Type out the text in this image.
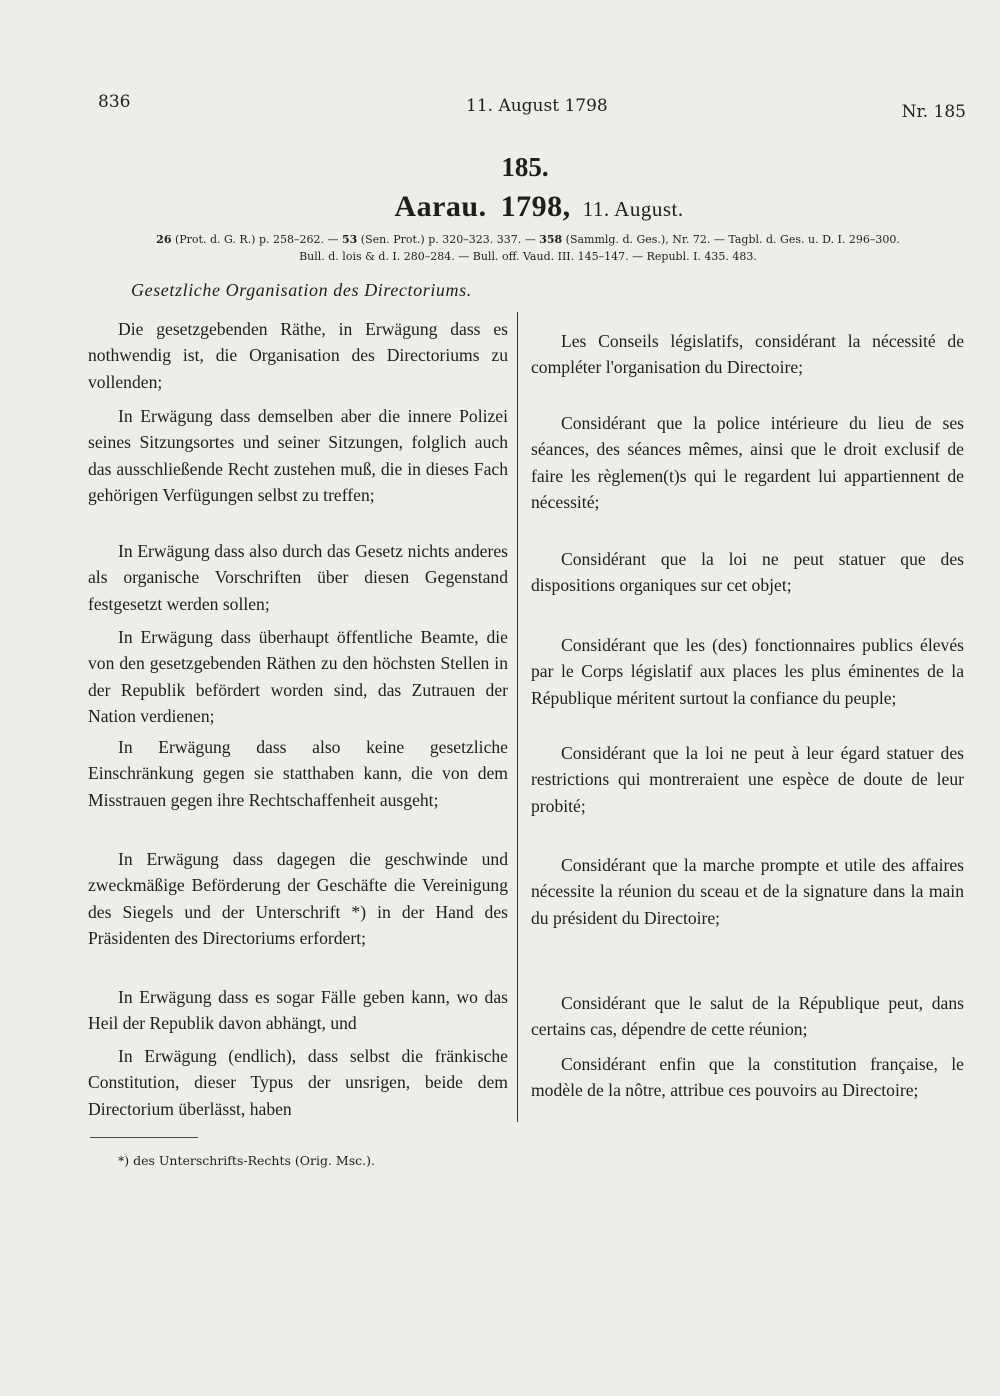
836	11. August 1798	Nr. 185
185.
Aarau. 1798, 11. August.
26 (Prot. d. G. R.) p. 258–262. — 53 (Sen. Prot.) p. 320–323. 337. — 358 (Sammlg. d. Ges.), Nr. 72. — Tagbl. d. Ges. u. D. I. 296–300.
Bull. d. lois & d. I. 280–284. — Bull. off. Vaud. III. 145–147. — Republ. I. 435. 483.
Gesetzliche Organisation des Directoriums.

Die gesetzgebenden Räthe, in Erwägung dass es nothwendig ist, die Organisation des Directoriums zu vollenden;

In Erwägung dass demselben aber die innere Polizei seines Sitzungsortes und seiner Sitzungen, folglich auch das ausschließende Recht zustehen muß, die in dieses Fach gehörigen Verfügungen selbst zu treffen;

In Erwägung dass also durch das Gesetz nichts anderes als organische Vorschriften über diesen Gegenstand festgesetzt werden sollen;

In Erwägung dass überhaupt öffentliche Beamte, die von den gesetzgebenden Räthen zu den höchsten Stellen in der Republik befördert worden sind, das Zutrauen der Nation verdienen;

In Erwägung dass also keine gesetzliche Einschränkung gegen sie statthaben kann, die von dem Misstrauen gegen ihre Rechtschaffenheit ausgeht;

In Erwägung dass dagegen die geschwinde und zweckmäßige Beförderung der Geschäfte die Vereinigung des Siegels und der Unterschrift *) in der Hand des Präsidenten des Directoriums erfordert;

In Erwägung dass es sogar Fälle geben kann, wo das Heil der Republik davon abhängt, und

In Erwägung (endlich), dass selbst die fränkische Constitution, dieser Typus der unsrigen, beide dem Directorium überlässt, haben

Les Conseils législatifs, considérant la nécessité de compléter l'organisation du Directoire;

Considérant que la police intérieure du lieu de ses séances, des séances mêmes, ainsi que le droit exclusif de faire les règlemen(t)s qui le regardent lui appartiennent de nécessité;

Considérant que la loi ne peut statuer que des dispositions organiques sur cet objet;

Considérant que les (des) fonctionnaires publics élevés par le Corps législatif aux places les plus éminentes de la République méritent surtout la confiance du peuple;

Considérant que la loi ne peut à leur égard statuer des restrictions qui montreraient une espèce de doute de leur probité;

Considérant que la marche prompte et utile des affaires nécessite la réunion du sceau et de la signature dans la main du président du Directoire;

Considérant que le salut de la République peut, dans certains cas, dépendre de cette réunion;

Considérant enfin que la constitution française, le modèle de la nôtre, attribue ces pouvoirs au Directoire;

*) des Unterschrifts-Rechts (Orig. Msc.).
